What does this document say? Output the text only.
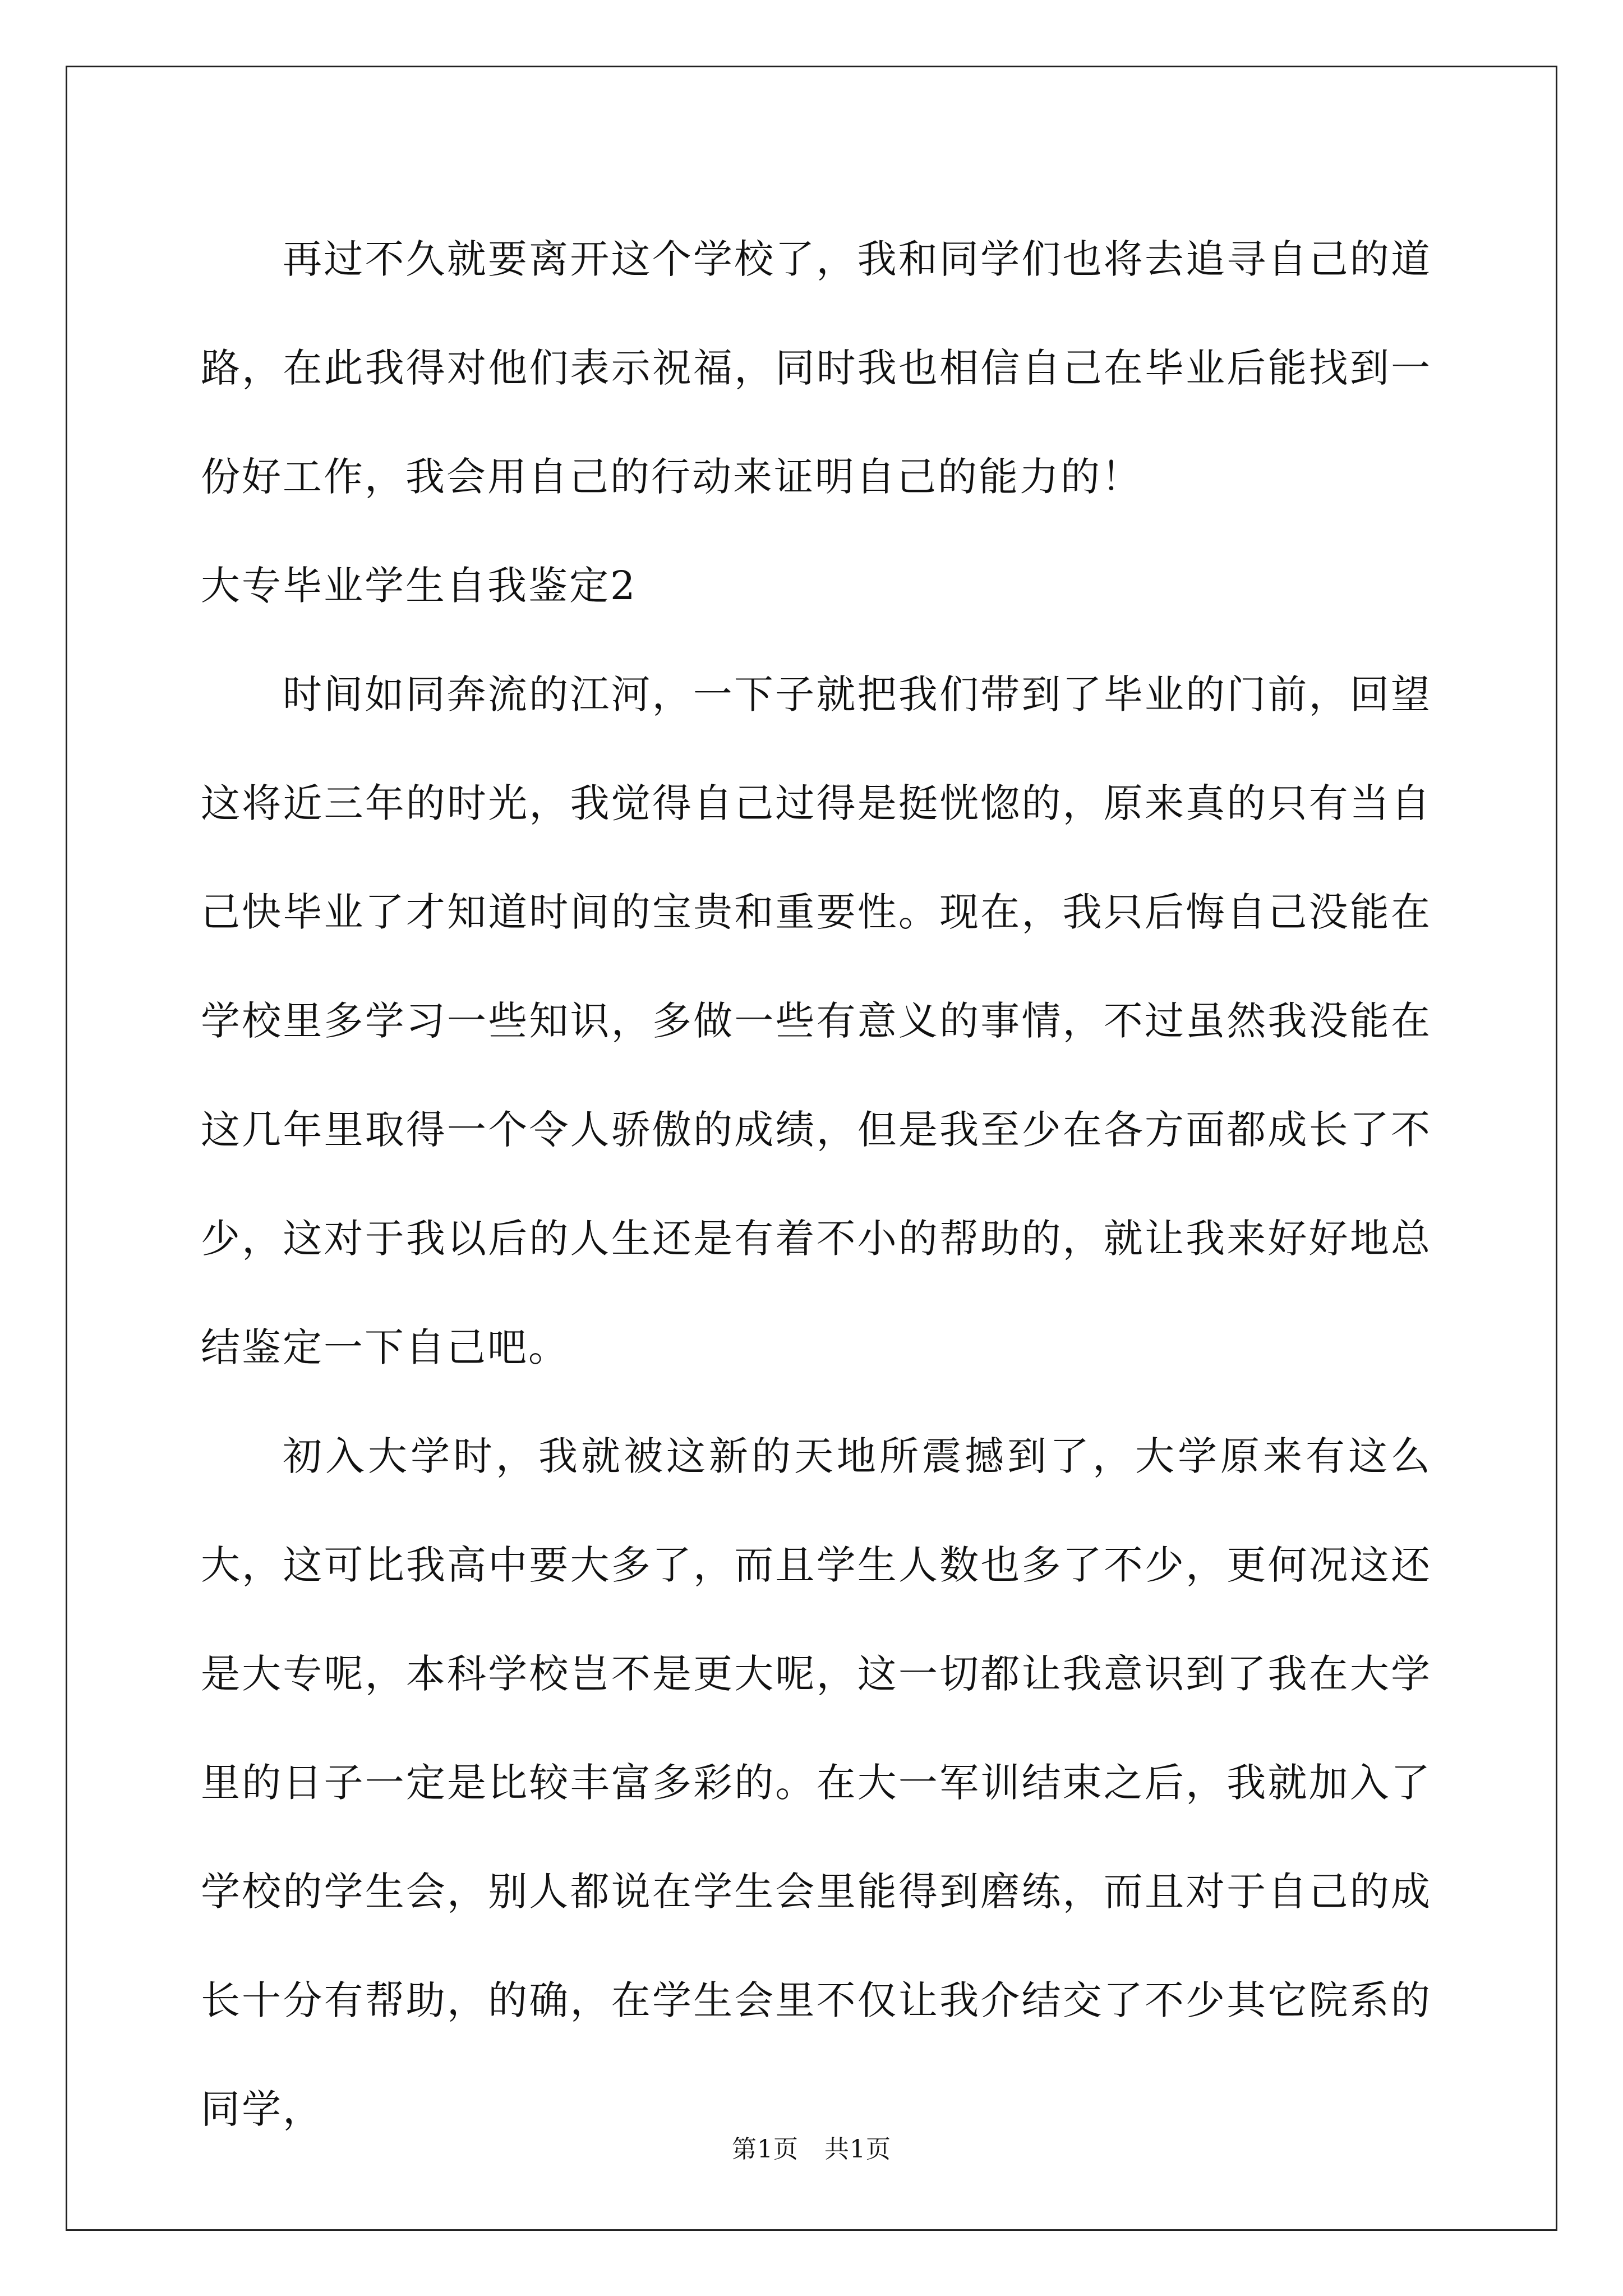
再过不久就要离开这个学校了，我和同学们也将去追寻自己的道路，在此我得对他们表示祝福，同时我也相信自己在毕业后能找到一份好工作，我会用自己的行动来证明自己的能力的！

大专毕业学生自我鉴定2

时间如同奔流的江河，一下子就把我们带到了毕业的门前，回望这将近三年的时光，我觉得自己过得是挺恍惚的，原来真的只有当自己快毕业了才知道时间的宝贵和重要性。现在，我只后悔自己没能在学校里多学习一些知识，多做一些有意义的事情，不过虽然我没能在这几年里取得一个令人骄傲的成绩，但是我至少在各方面都成长了不少，这对于我以后的人生还是有着不小的帮助的，就让我来好好地总结鉴定一下自己吧。

初入大学时，我就被这新的天地所震撼到了，大学原来有这么大，这可比我高中要大多了，而且学生人数也多了不少，更何况这还是大专呢，本科学校岂不是更大呢，这一切都让我意识到了我在大学里的日子一定是比较丰富多彩的。在大一军训结束之后，我就加入了学校的学生会，别人都说在学生会里能得到磨练，而且对于自己的成长十分有帮助，的确，在学生会里不仅让我介结交了不少其它院系的同学，

第1页 共1页
